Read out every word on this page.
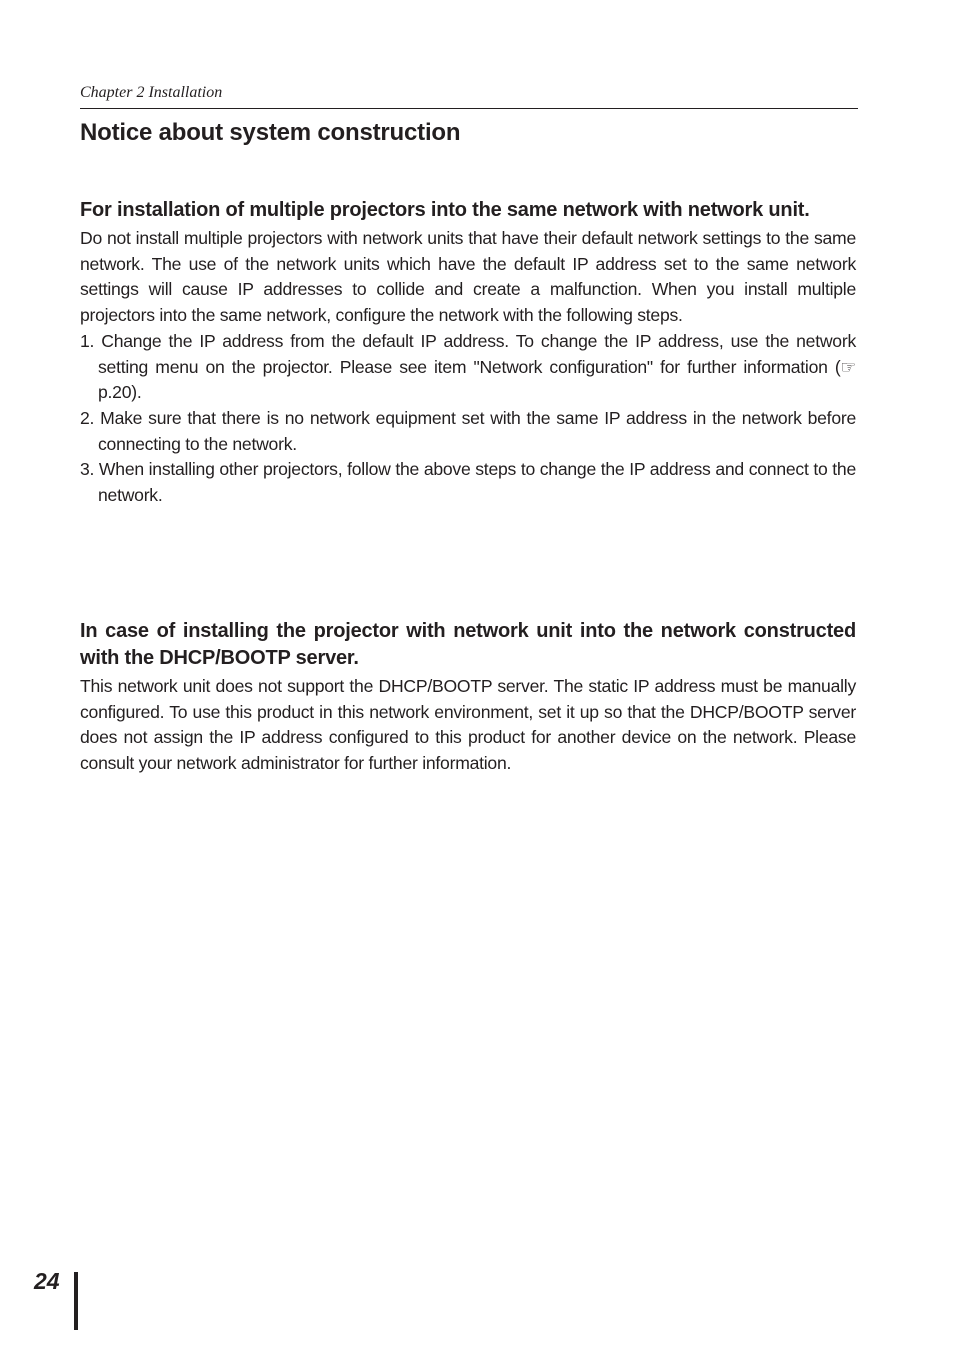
Chapter 2 Installation
Notice about system construction
For installation of multiple projectors into the same network with network unit.

Do not install multiple projectors with network units that have their default network settings to the same network. The use of the network units which have the default IP address set to the same network settings will cause IP addresses to collide and create a malfunction. When you install multiple projectors into the same network, configure the network with the following steps.

1. Change the IP address from the default IP address. To change the IP address, use the network setting menu on the projector. Please see item "Network configuration" for further information (☞ p.20).
2. Make sure that there is no network equipment set with the same IP address in the network before connecting to the network.
3. When installing other projectors, follow the above steps to change the IP address and connect to the network.
In case of installing the projector with network unit into the network constructed with the DHCP/BOOTP server.

This network unit does not support the DHCP/BOOTP server. The static IP address must be manually configured. To use this product in this network environment, set it up so that the DHCP/BOOTP server does not assign the IP address configured to this product for another device on the network. Please consult your network administrator for further information.

24
